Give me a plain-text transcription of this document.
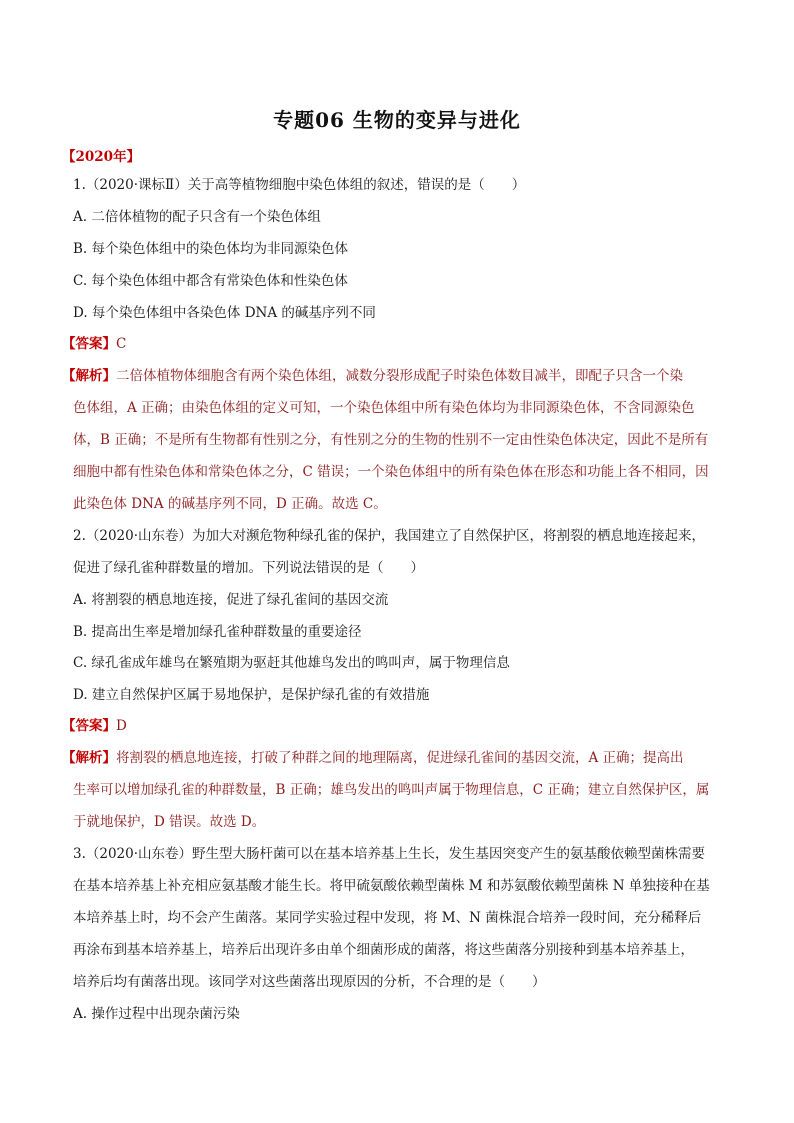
专题06 生物的变异与进化
【2020年】
1.（2020·课标Ⅱ）关于高等植物细胞中染色体组的叙述，错误的是（　　）
A. 二倍体植物的配子只含有一个染色体组
B. 每个染色体组中的染色体均为非同源染色体
C. 每个染色体组中都含有常染色体和性染色体
D. 每个染色体组中各染色体 DNA 的碱基序列不同
【答案】C
【解析】二倍体植物体细胞含有两个染色体组，减数分裂形成配子时染色体数目减半，即配子只含一个染
色体组，A 正确；由染色体组的定义可知，一个染色体组中所有染色体均为非同源染色体，不含同源染色
体，B 正确；不是所有生物都有性别之分，有性别之分的生物的性别不一定由性染色体决定，因此不是所有
细胞中都有性染色体和常染色体之分，C 错误；一个染色体组中的所有染色体在形态和功能上各不相同，因
此染色体 DNA 的碱基序列不同，D 正确。故选 C。
2.（2020·山东卷）为加大对濒危物种绿孔雀的保护，我国建立了自然保护区，将割裂的栖息地连接起来，
促进了绿孔雀种群数量的增加。下列说法错误的是（　　）
A. 将割裂的栖息地连接，促进了绿孔雀间的基因交流
B. 提高出生率是增加绿孔雀种群数量的重要途径
C. 绿孔雀成年雄鸟在繁殖期为驱赶其他雄鸟发出的鸣叫声，属于物理信息
D. 建立自然保护区属于易地保护，是保护绿孔雀的有效措施
【答案】D
【解析】将割裂的栖息地连接，打破了种群之间的地理隔离，促进绿孔雀间的基因交流，A 正确；提高出
生率可以增加绿孔雀的种群数量，B 正确；雄鸟发出的鸣叫声属于物理信息，C 正确；建立自然保护区，属
于就地保护，D 错误。故选 D。
3.（2020·山东卷）野生型大肠杆菌可以在基本培养基上生长，发生基因突变产生的氨基酸依赖型菌株需要
在基本培养基上补充相应氨基酸才能生长。将甲硫氨酸依赖型菌株 M 和苏氨酸依赖型菌株 N 单独接种在基
本培养基上时，均不会产生菌落。某同学实验过程中发现，将 M、N 菌株混合培养一段时间，充分稀释后
再涂布到基本培养基上，培养后出现许多由单个细菌形成的菌落，将这些菌落分别接种到基本培养基上，
培养后均有菌落出现。该同学对这些菌落出现原因的分析，不合理的是（　　）
A. 操作过程中出现杂菌污染
